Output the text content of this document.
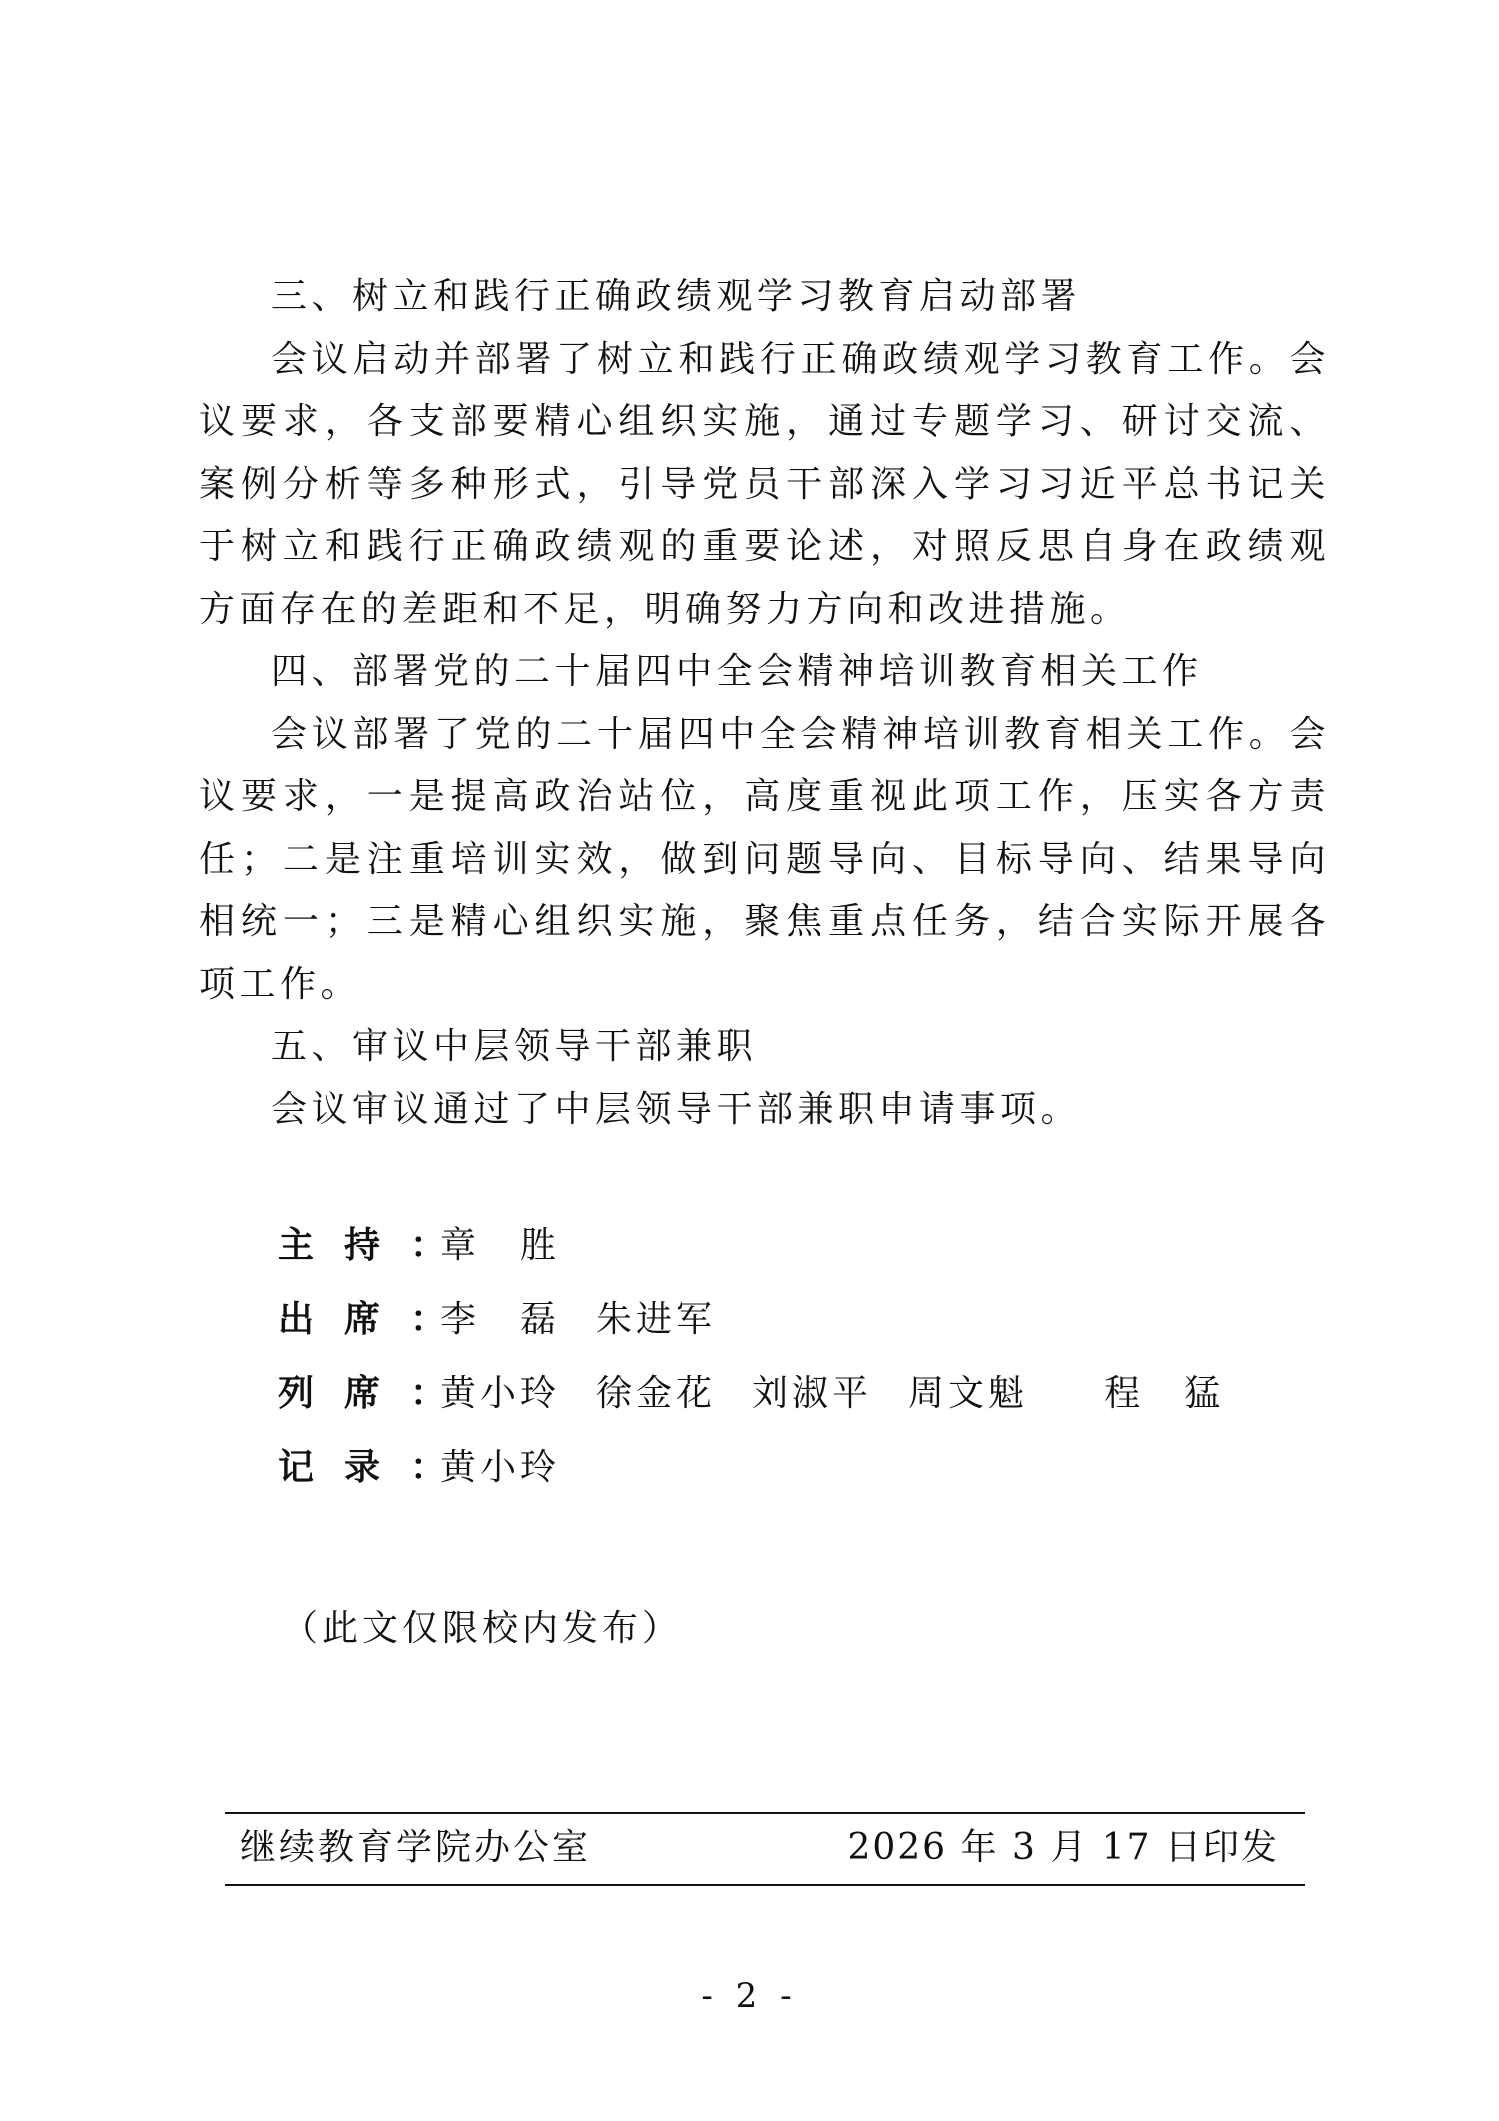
三、树立和践行正确政绩观学习教育启动部署

会议启动并部署了树立和践行正确政绩观学习教育工作。会议要求，各支部要精心组织实施，通过专题学习、研讨交流、案例分析等多种形式，引导党员干部深入学习习近平总书记关于树立和践行正确政绩观的重要论述，对照反思自身在政绩观方面存在的差距和不足，明确努力方向和改进措施。

四、部署党的二十届四中全会精神培训教育相关工作

会议部署了党的二十届四中全会精神培训教育相关工作。会议要求，一是提高政治站位，高度重视此项工作，压实各方责任；二是注重培训实效，做到问题导向、目标导向、结果导向相统一；三是精心组织实施，聚焦重点任务，结合实际开展各项工作。

五、审议中层领导干部兼职

会议审议通过了中层领导干部兼职申请事项。

主持：章　胜
出席：李　磊 朱进军
列席：黄小玲 徐金花 刘淑平 周文魁　程　猛
记录：黄小玲
（此文仅限校内发布）
继续教育学院办公室	2026 年 3 月 17 日印发
- 2 -
